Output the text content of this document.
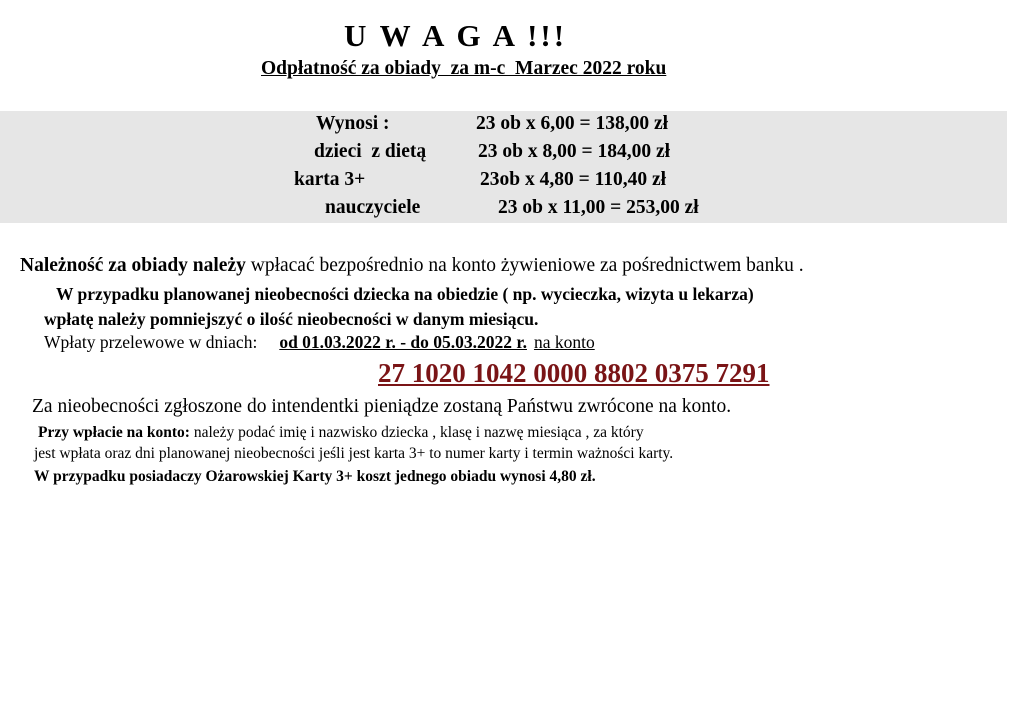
U W A G A !!!
Odpłatność za obiady  za m-c  Marzec 2022 roku
Wynosi :	23 ob x 6,00 = 138,00 zł
dzieci  z dietą	23 ob x 8,00 = 184,00 zł
karta 3+	23ob x 4,80 = 110,40 zł
nauczyciele	23 ob x 11,00 = 253,00 zł
Należność za obiady należy wpłacać bezpośrednio na konto żywieniowe za pośrednictwem banku .
W przypadku planowanej nieobecności dziecka na obiedzie ( np. wycieczka, wizyta u lekarza)
wpłatę należy pomniejszyć o ilość nieobecności w danym miesiącu.
Wpłaty przelewowe w dniach: od 01.03.2022 r. - do 05.03.2022 r. na konto
27 1020 1042 0000 8802 0375 7291
Za nieobecności zgłoszone do intendentki pieniądze zostaną Państwu zwrócone na konto.
Przy wpłacie na konto: należy podać imię i nazwisko dziecka , klasę i nazwę miesiąca , za który
jest wpłata oraz dni planowanej nieobecności jeśli jest karta 3+ to numer karty i termin ważności karty.
W przypadku posiadaczy Ożarowskiej Karty 3+ koszt jednego obiadu wynosi 4,80 zł.
